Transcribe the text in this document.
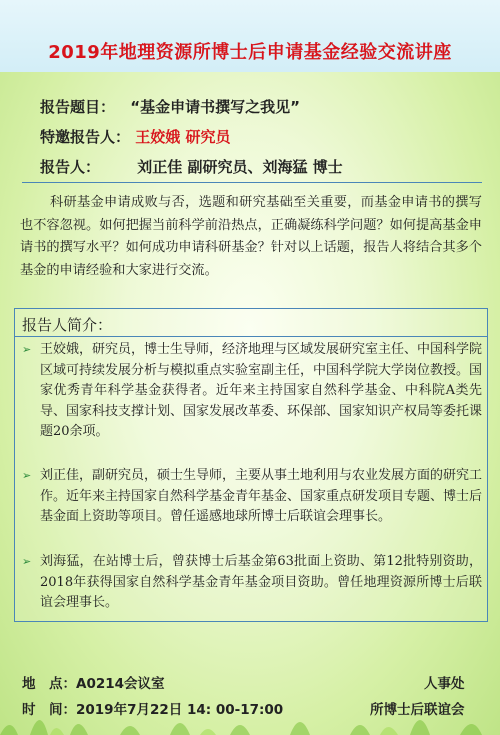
2019年地理资源所博士后申请基金经验交流讲座
报告题目： “基金申请书撰写之我见”
特邀报告人： 王姣娥 研究员
报告人： 刘正佳 副研究员、刘海猛 博士
科研基金申请成败与否，选题和研究基础至关重要，而基金申请书的撰写也不容忽视。如何把握当前科学前沿热点，正确凝练科学问题？如何提高基金申请书的撰写水平？如何成功申请科研基金？针对以上话题，报告人将结合其多个基金的申请经验和大家进行交流。
报告人简介：
➢ 王姣娥，研究员，博士生导师，经济地理与区域发展研究室主任、中国科学院区域可持续发展分析与模拟重点实验室副主任，中国科学院大学岗位教授。国家优秀青年科学基金获得者。近年来主持国家自然科学基金、中科院A类先导、国家科技支撑计划、国家发展改革委、环保部、国家知识产权局等委托课题20余项。
➢ 刘正佳，副研究员，硕士生导师，主要从事土地利用与农业发展方面的研究工作。近年来主持国家自然科学基金青年基金、国家重点研发项目专题、博士后基金面上资助等项目。曾任遥感地球所博士后联谊会理事长。
➢ 刘海猛，在站博士后，曾获博士后基金第63批面上资助、第12批特别资助，2018年获得国家自然科学基金青年基金项目资助。曾任地理资源所博士后联谊会理事长。
地　点：A0214会议室
时　间：2019年7月22日 14: 00-17:00
人事处
所博士后联谊会
